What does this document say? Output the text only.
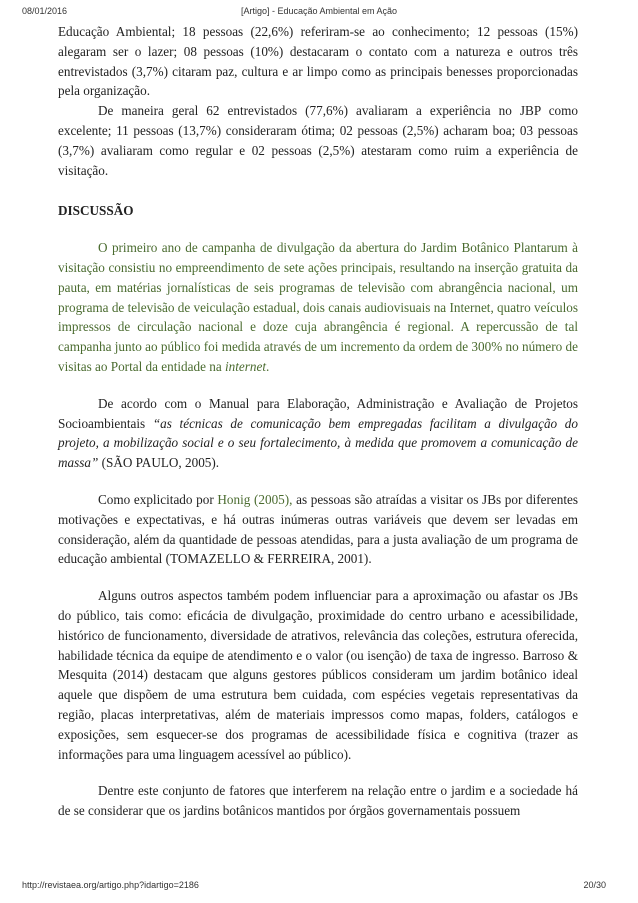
08/01/2016	[Artigo] - Educação Ambiental em Ação

Educação Ambiental; 18 pessoas (22,6%) referiram-se ao conhecimento; 12 pessoas (15%) alegaram ser o lazer; 08 pessoas (10%) destacaram o contato com a natureza e outros três entrevistados (3,7%) citaram paz, cultura e ar limpo como as principais benesses proporcionadas pela organização.

De maneira geral 62 entrevistados (77,6%) avaliaram a experiência no JBP como excelente; 11 pessoas (13,7%) consideraram ótima; 02 pessoas (2,5%) acharam boa; 03 pessoas (3,7%) avaliaram como regular e 02 pessoas (2,5%) atestaram como ruim a experiência de visitação.

DISCUSSÃO

O primeiro ano de campanha de divulgação da abertura do Jardim Botânico Plantarum à visitação consistiu no empreendimento de sete ações principais, resultando na inserção gratuita da pauta, em matérias jornalísticas de seis programas de televisão com abrangência nacional, um programa de televisão de veiculação estadual, dois canais audiovisuais na Internet, quatro veículos impressos de circulação nacional e doze cuja abrangência é regional. A repercussão de tal campanha junto ao público foi medida através de um incremento da ordem de 300% no número de visitas ao Portal da entidade na internet.

De acordo com o Manual para Elaboração, Administração e Avaliação de Projetos Socioambientais “as técnicas de comunicação bem empregadas facilitam a divulgação do projeto, a mobilização social e o seu fortalecimento, à medida que promovem a comunicação de massa” (SÃO PAULO, 2005).

Como explicitado por Honig (2005), as pessoas são atraídas a visitar os JBs por diferentes motivações e expectativas, e há outras inúmeras outras variáveis que devem ser levadas em consideração, além da quantidade de pessoas atendidas, para a justa avaliação de um programa de educação ambiental (TOMAZELLO & FERREIRA, 2001).

Alguns outros aspectos também podem influenciar para a aproximação ou afastar os JBs do público, tais como: eficácia de divulgação, proximidade do centro urbano e acessibilidade, histórico de funcionamento, diversidade de atrativos, relevância das coleções, estrutura oferecida, habilidade técnica da equipe de atendimento e o valor (ou isenção) de taxa de ingresso. Barroso & Mesquita (2014) destacam que alguns gestores públicos consideram um jardim botânico ideal aquele que dispõem de uma estrutura bem cuidada, com espécies vegetais representativas da região, placas interpretativas, além de materiais impressos como mapas, folders, catálogos e exposições, sem esquecer-se dos programas de acessibilidade física e cognitiva (trazer as informações para uma linguagem acessível ao público).

Dentre este conjunto de fatores que interferem na relação entre o jardim e a sociedade há de se considerar que os jardins botânicos mantidos por órgãos governamentais possuem

http://revistaea.org/artigo.php?idartigo=2186	20/30
